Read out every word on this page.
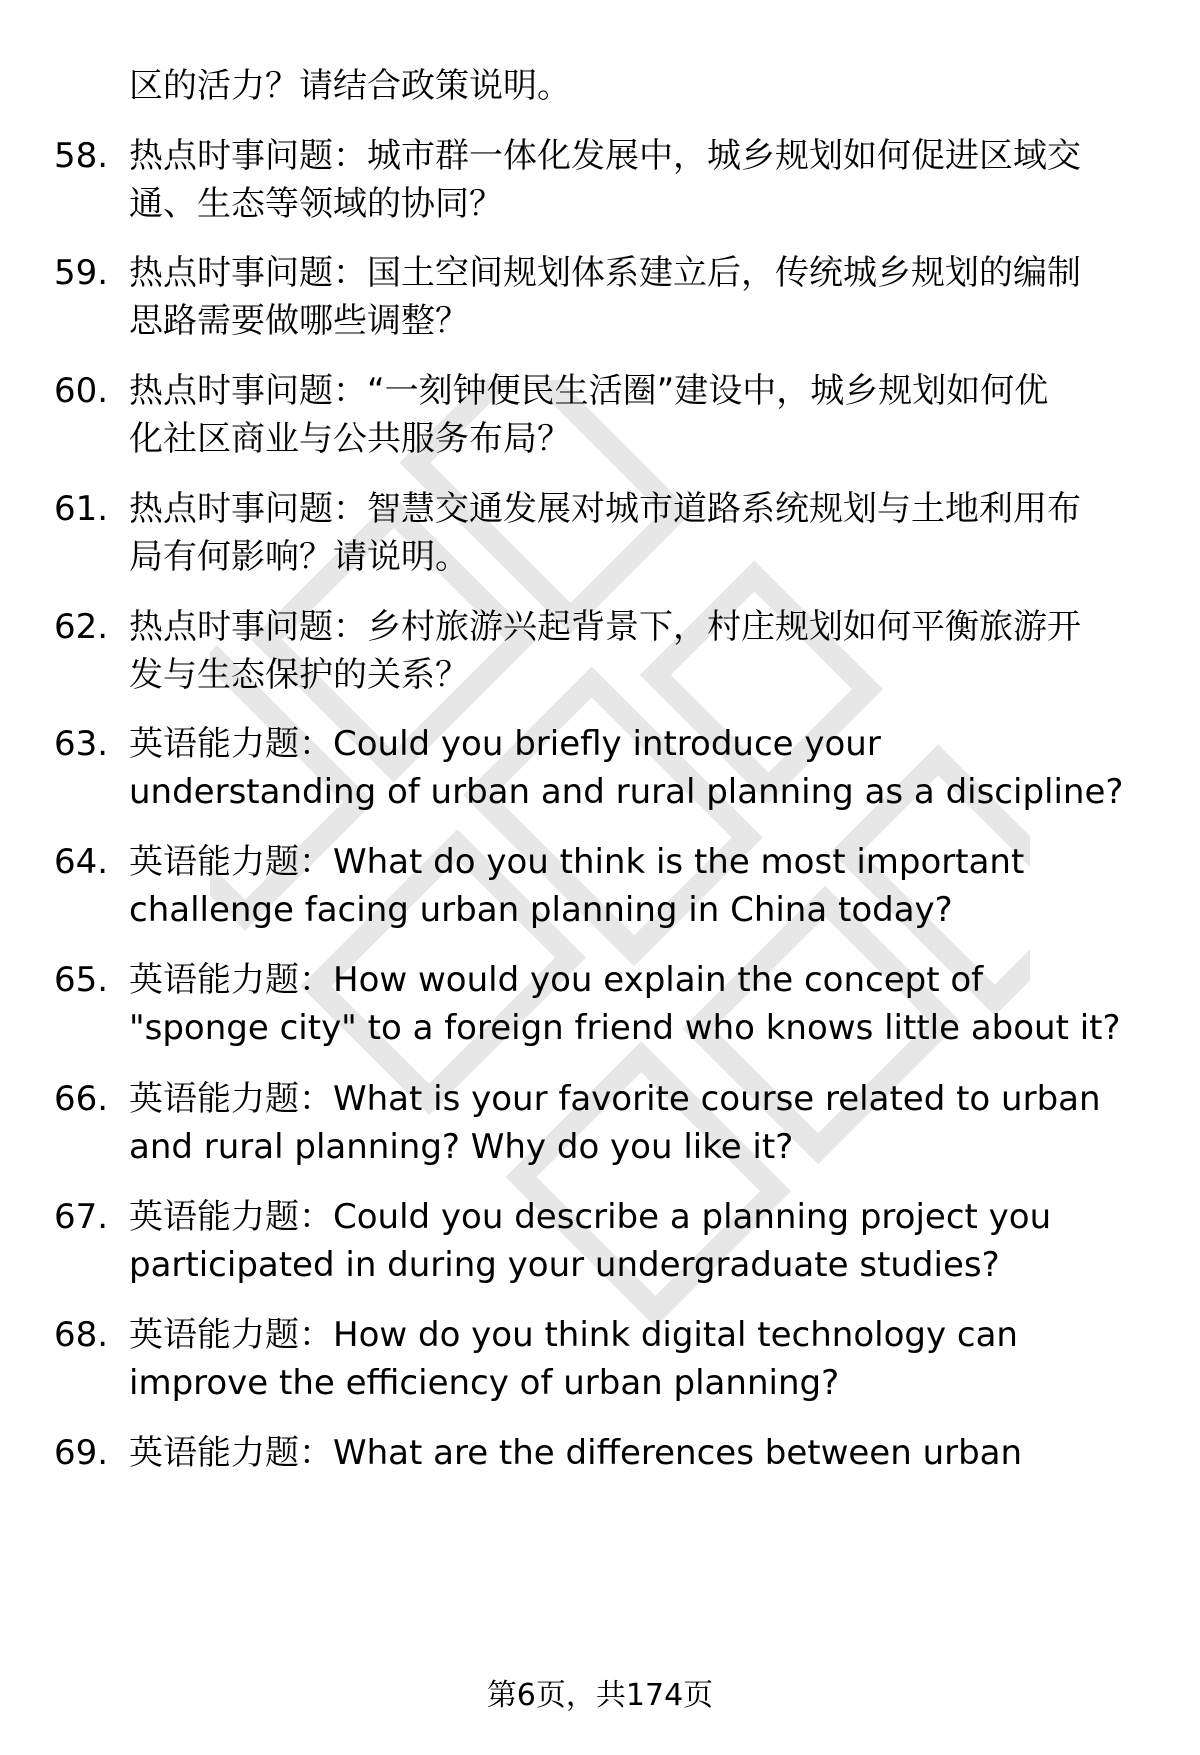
区的活力？请结合政策说明。
58. 热点时事问题：城市群一体化发展中，城乡规划如何促进区域交
通、生态等领域的协同？
59. 热点时事问题：国土空间规划体系建立后，传统城乡规划的编制
思路需要做哪些调整？
60. 热点时事问题：“一刻钟便民生活圈”建设中，城乡规划如何优
化社区商业与公共服务布局？
61. 热点时事问题：智慧交通发展对城市道路系统规划与土地利用布
局有何影响？请说明。
62. 热点时事问题：乡村旅游兴起背景下，村庄规划如何平衡旅游开
发与生态保护的关系？
63. 英语能力题：Could you briefly introduce your
understanding of urban and rural planning as a discipline?
64. 英语能力题：What do you think is the most important
challenge facing urban planning in China today?
65. 英语能力题：How would you explain the concept of
"sponge city" to a foreign friend who knows little about it?
66. 英语能力题：What is your favorite course related to urban
and rural planning? Why do you like it?
67. 英语能力题：Could you describe a planning project you
participated in during your undergraduate studies?
68. 英语能力题：How do you think digital technology can
improve the efficiency of urban planning?
69. 英语能力题：What are the differences between urban
第6页，共174页
